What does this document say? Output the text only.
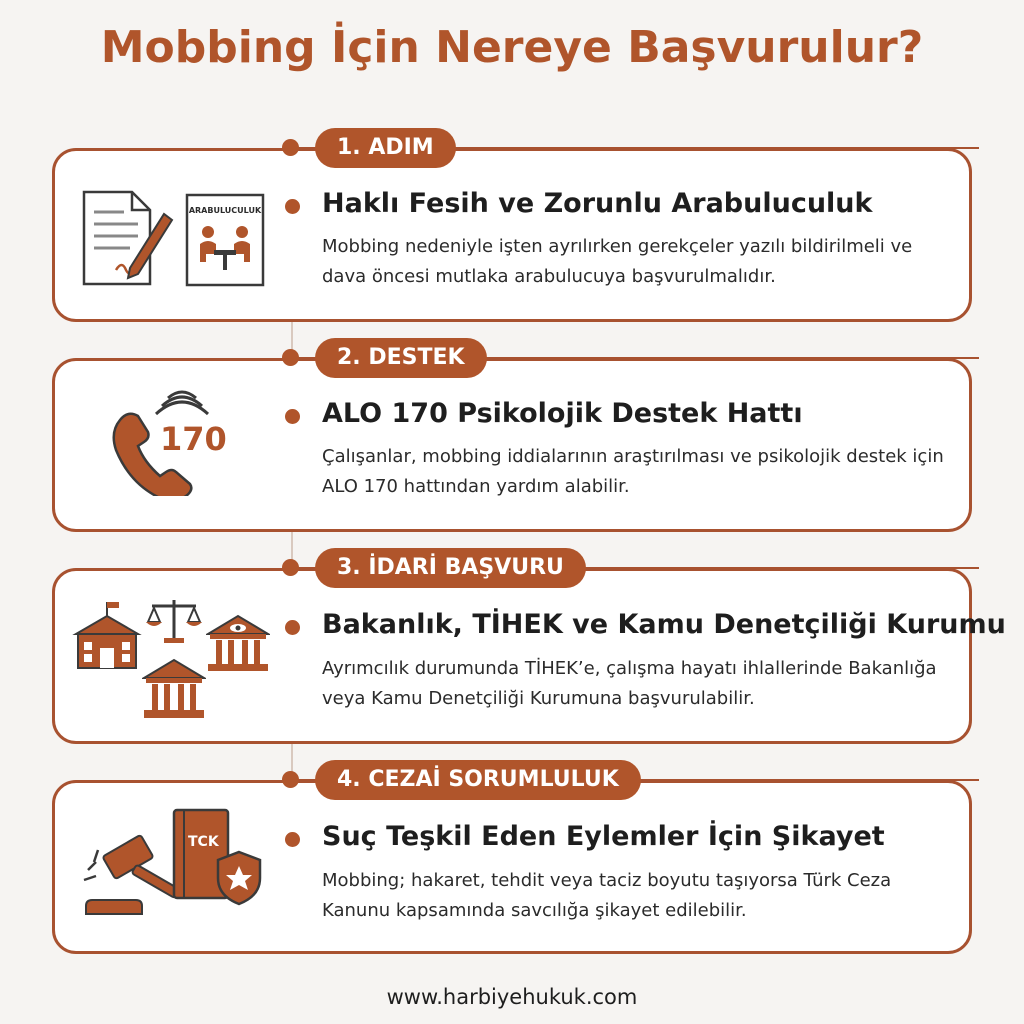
Mobbing İçin Nereye Başvurulur?
1. ADIM
Haklı Fesih ve Zorunlu Arabuluculuk
Mobbing nedeniyle işten ayrılırken gerekçeler yazılı bildirilmeli ve dava öncesi mutlaka arabulucuya başvurulmalıdır.
ARABULUCULUK
2. DESTEK
ALO 170 Psikolojik Destek Hattı
Çalışanlar, mobbing iddialarının araştırılması ve psikolojik destek için ALO 170 hattından yardım alabilir.
170
3. İDARİ BAŞVURU
Bakanlık, TİHEK ve Kamu Denetçiliği Kurumu
Ayrımcılık durumunda TİHEK’e, çalışma hayatı ihlallerinde Bakanlığa veya Kamu Denetçiliği Kurumuna başvurulabilir.
4. CEZAİ SORUMLULUK
Suç Teşkil Eden Eylemler İçin Şikayet
Mobbing; hakaret, tehdit veya taciz boyutu taşıyorsa Türk Ceza Kanunu kapsamında savcılığa şikayet edilebilir.
TCK
www.harbiyehukuk.com
